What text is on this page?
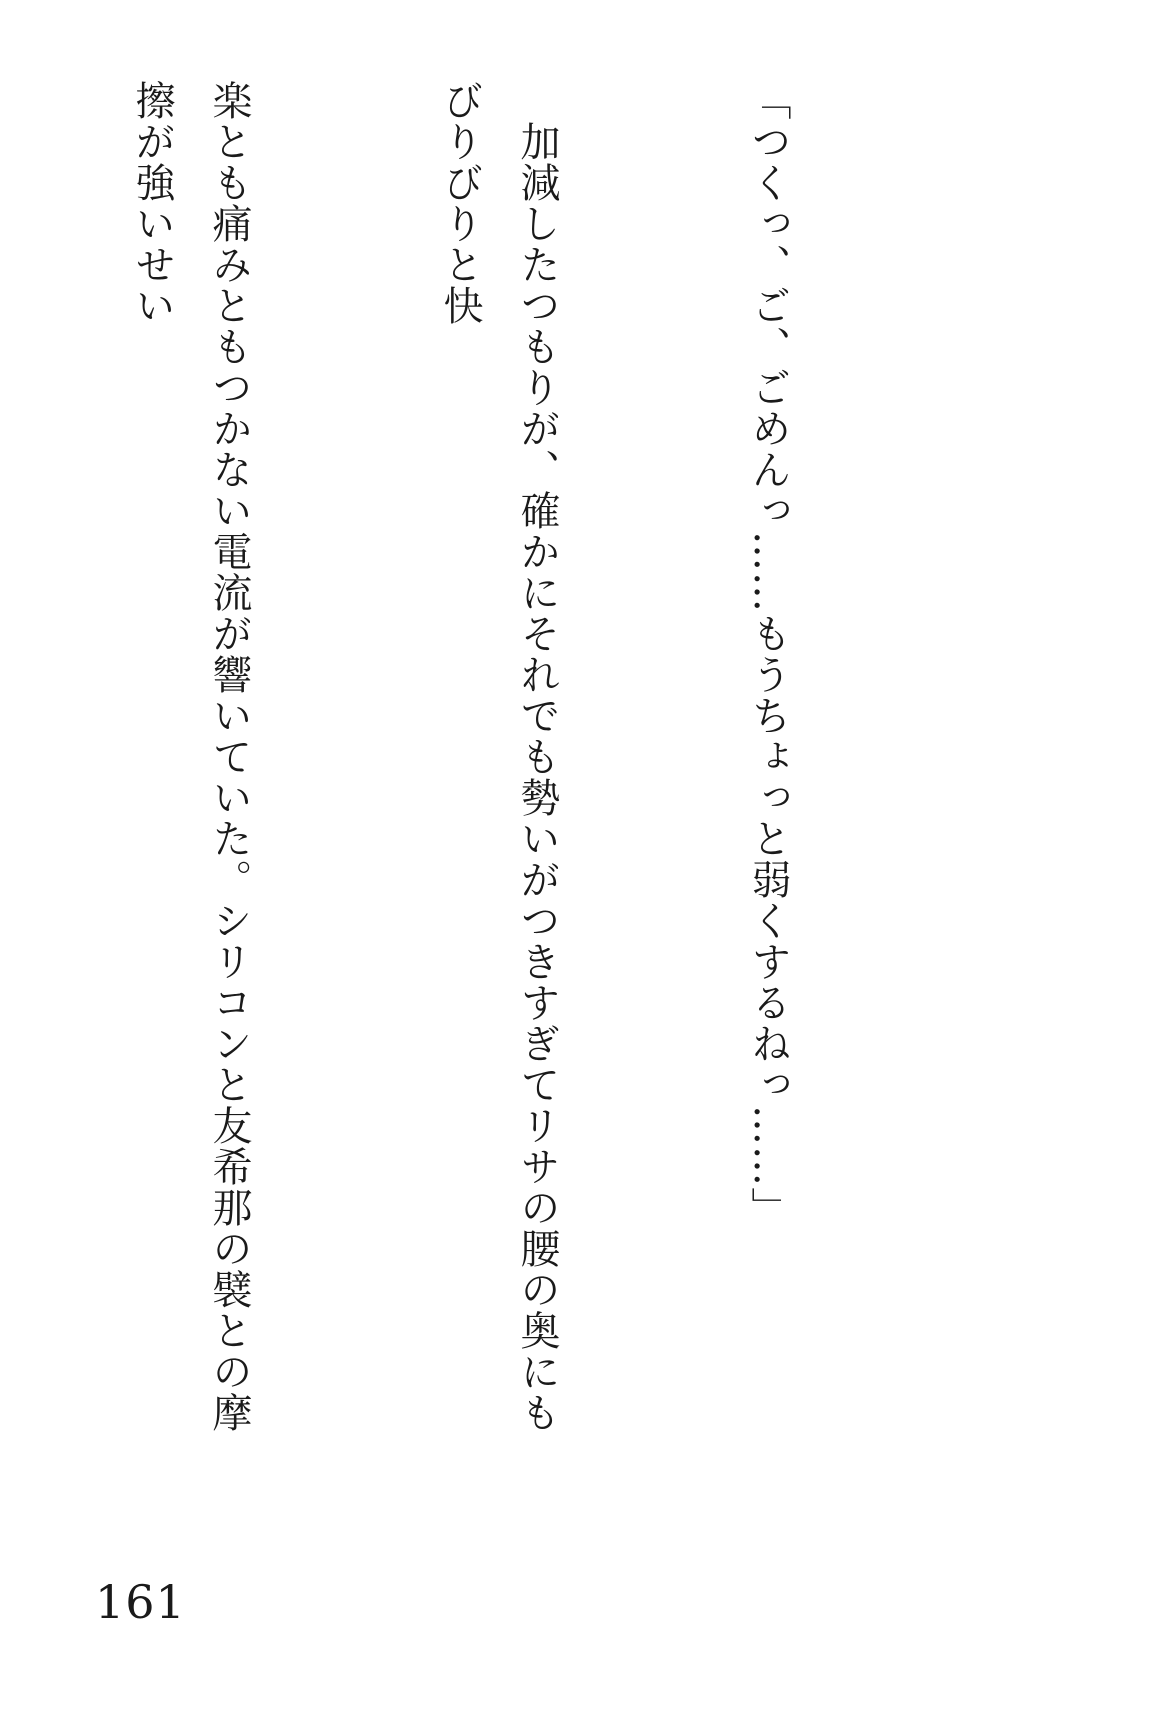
「つくっ、ご、ごめんっ……もうちょっと弱くするねっ……」

　加減したつもりが、確かにそれでも勢いがつきすぎてリサの腰の奥にもびりびりと快

楽とも痛みともつかない電流が響いていた。シリコンと友希那の襞との摩擦が強いせい

161
